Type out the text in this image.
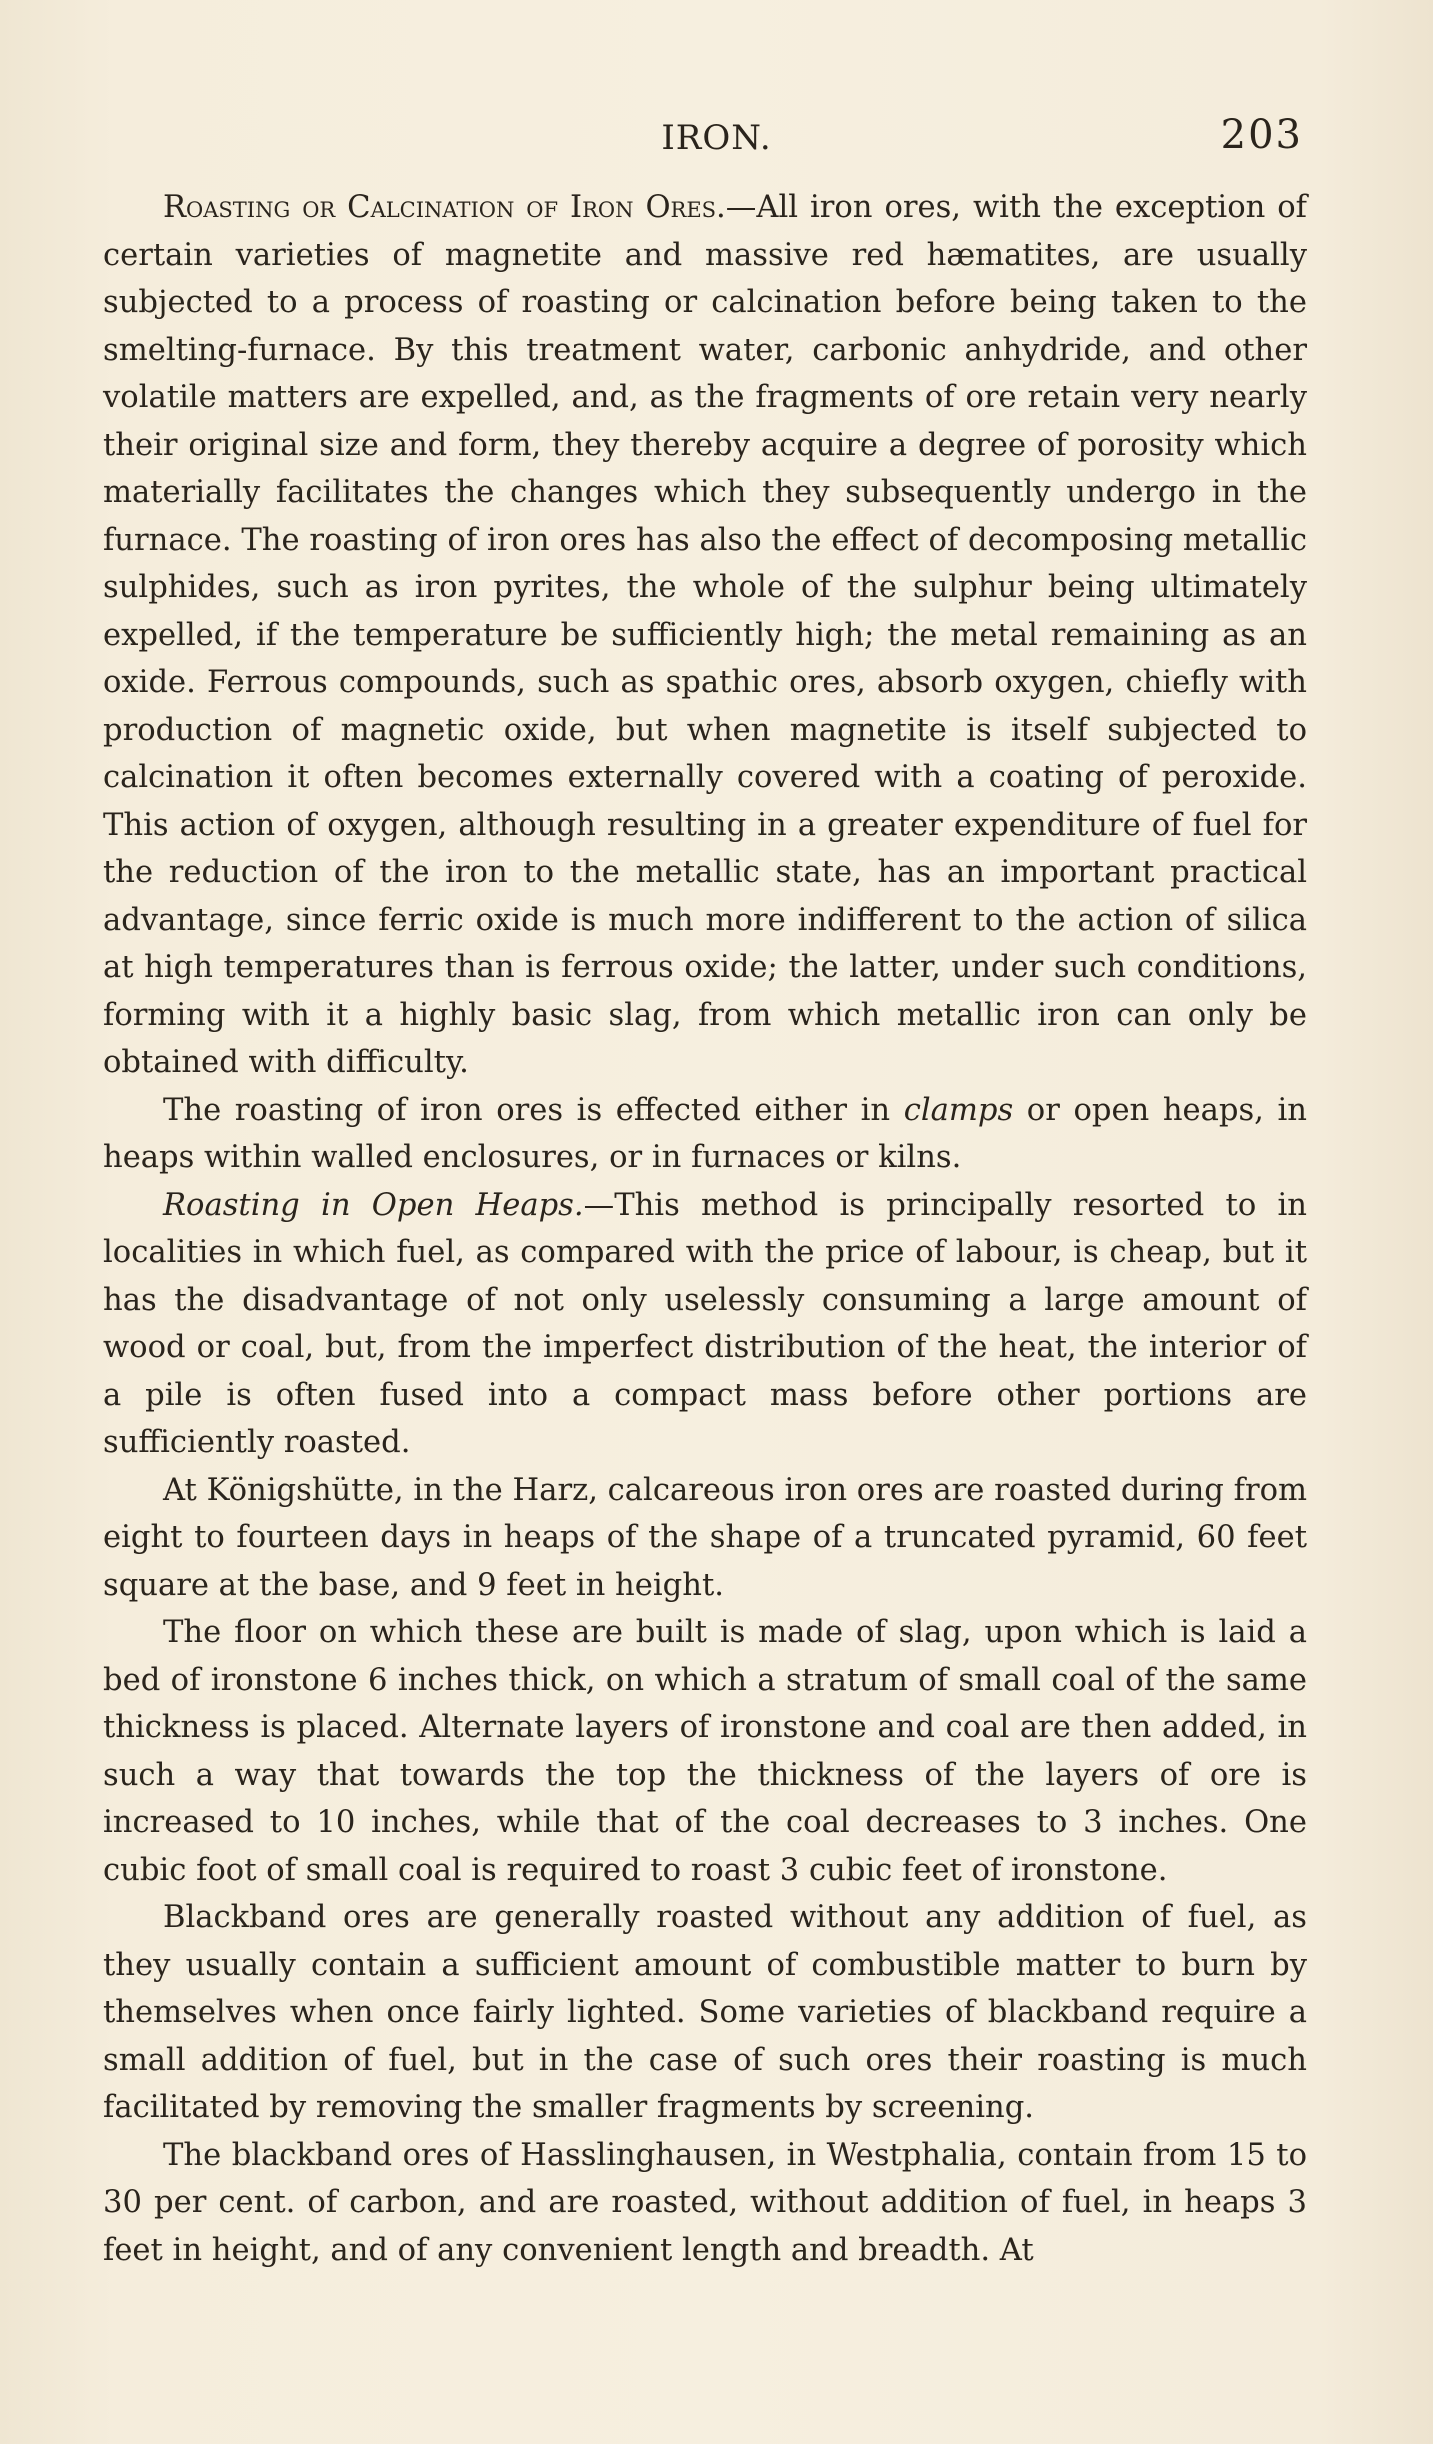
IRON.	203

Roasting or Calcination of Iron Ores.—All iron ores, with the exception of certain varieties of magnetite and massive red hæmatites, are usually subjected to a process of roasting or calcination before being taken to the smelting-furnace. By this treatment water, carbonic anhydride, and other volatile matters are expelled, and, as the fragments of ore retain very nearly their original size and form, they thereby acquire a degree of porosity which materially facilitates the changes which they subsequently undergo in the furnace. The roasting of iron ores has also the effect of decomposing metallic sulphides, such as iron pyrites, the whole of the sulphur being ultimately expelled, if the temperature be sufficiently high; the metal remaining as an oxide. Ferrous compounds, such as spathic ores, absorb oxygen, chiefly with production of magnetic oxide, but when magnetite is itself subjected to calcination it often becomes externally covered with a coating of peroxide. This action of oxygen, although resulting in a greater expenditure of fuel for the reduction of the iron to the metallic state, has an important practical advantage, since ferric oxide is much more indifferent to the action of silica at high temperatures than is ferrous oxide; the latter, under such conditions, forming with it a highly basic slag, from which metallic iron can only be obtained with difficulty.

The roasting of iron ores is effected either in clamps or open heaps, in heaps within walled enclosures, or in furnaces or kilns.

Roasting in Open Heaps.—This method is principally resorted to in localities in which fuel, as compared with the price of labour, is cheap, but it has the disadvantage of not only uselessly consuming a large amount of wood or coal, but, from the imperfect distribution of the heat, the interior of a pile is often fused into a compact mass before other portions are sufficiently roasted.

At Königshütte, in the Harz, calcareous iron ores are roasted during from eight to fourteen days in heaps of the shape of a truncated pyramid, 60 feet square at the base, and 9 feet in height.

The floor on which these are built is made of slag, upon which is laid a bed of ironstone 6 inches thick, on which a stratum of small coal of the same thickness is placed. Alternate layers of ironstone and coal are then added, in such a way that towards the top the thickness of the layers of ore is increased to 10 inches, while that of the coal decreases to 3 inches. One cubic foot of small coal is required to roast 3 cubic feet of ironstone.

Blackband ores are generally roasted without any addition of fuel, as they usually contain a sufficient amount of combustible matter to burn by themselves when once fairly lighted. Some varieties of blackband require a small addition of fuel, but in the case of such ores their roasting is much facilitated by removing the smaller fragments by screening.

The blackband ores of Hasslinghausen, in Westphalia, contain from 15 to 30 per cent. of carbon, and are roasted, without addition of fuel, in heaps 3 feet in height, and of any convenient length and breadth. At
